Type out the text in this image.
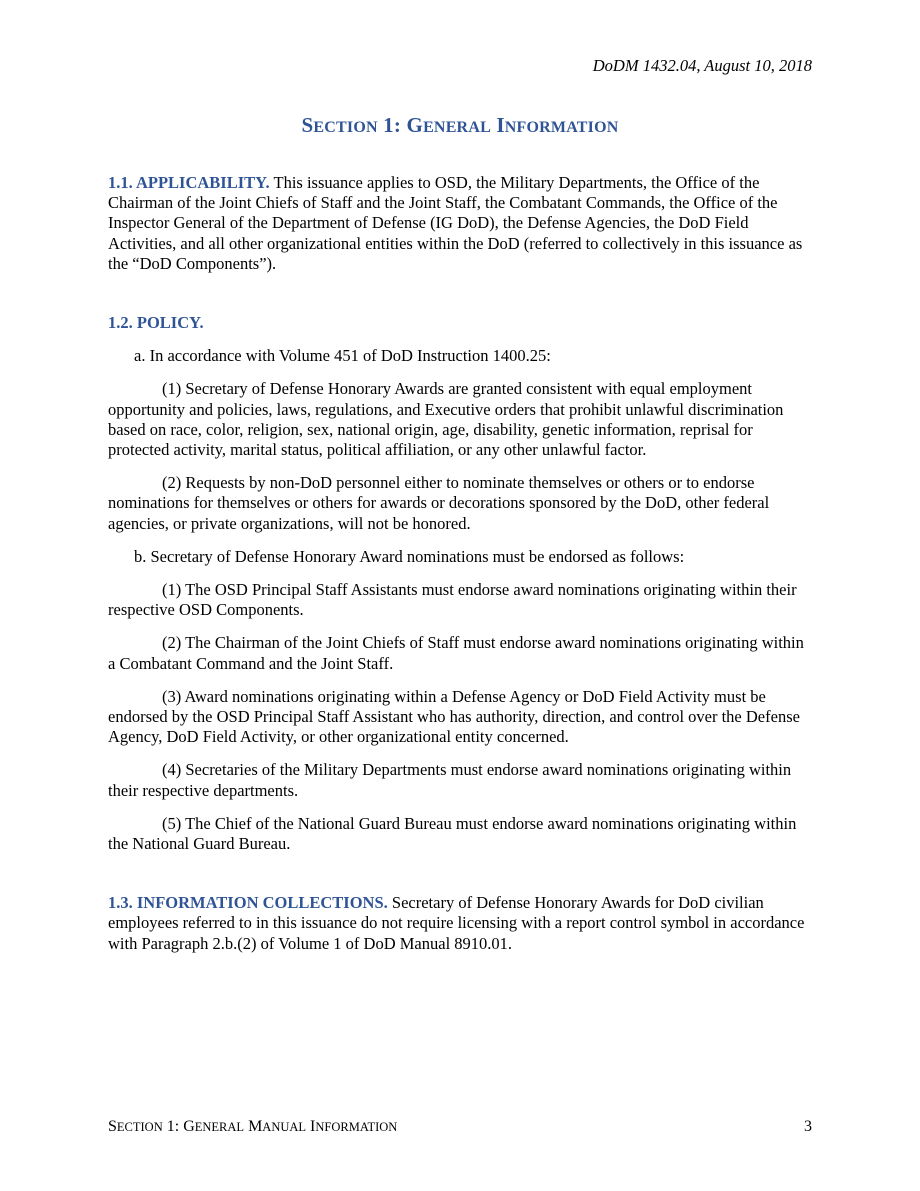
DoDM 1432.04, August 10, 2018
SECTION 1: GENERAL INFORMATION

1.1. APPLICABILITY. This issuance applies to OSD, the Military Departments, the Office of the Chairman of the Joint Chiefs of Staff and the Joint Staff, the Combatant Commands, the Office of the Inspector General of the Department of Defense (IG DoD), the Defense Agencies, the DoD Field Activities, and all other organizational entities within the DoD (referred to collectively in this issuance as the “DoD Components”).

1.2. POLICY.

a. In accordance with Volume 451 of DoD Instruction 1400.25:

(1) Secretary of Defense Honorary Awards are granted consistent with equal employment opportunity and policies, laws, regulations, and Executive orders that prohibit unlawful discrimination based on race, color, religion, sex, national origin, age, disability, genetic information, reprisal for protected activity, marital status, political affiliation, or any other unlawful factor.

(2) Requests by non-DoD personnel either to nominate themselves or others or to endorse nominations for themselves or others for awards or decorations sponsored by the DoD, other federal agencies, or private organizations, will not be honored.

b. Secretary of Defense Honorary Award nominations must be endorsed as follows:

(1) The OSD Principal Staff Assistants must endorse award nominations originating within their respective OSD Components.

(2) The Chairman of the Joint Chiefs of Staff must endorse award nominations originating within a Combatant Command and the Joint Staff.

(3) Award nominations originating within a Defense Agency or DoD Field Activity must be endorsed by the OSD Principal Staff Assistant who has authority, direction, and control over the Defense Agency, DoD Field Activity, or other organizational entity concerned.

(4) Secretaries of the Military Departments must endorse award nominations originating within their respective departments.

(5) The Chief of the National Guard Bureau must endorse award nominations originating within the National Guard Bureau.

1.3. INFORMATION COLLECTIONS. Secretary of Defense Honorary Awards for DoD civilian employees referred to in this issuance do not require licensing with a report control symbol in accordance with Paragraph 2.b.(2) of Volume 1 of DoD Manual 8910.01.

SECTION 1: GENERAL MANUAL INFORMATION	3
